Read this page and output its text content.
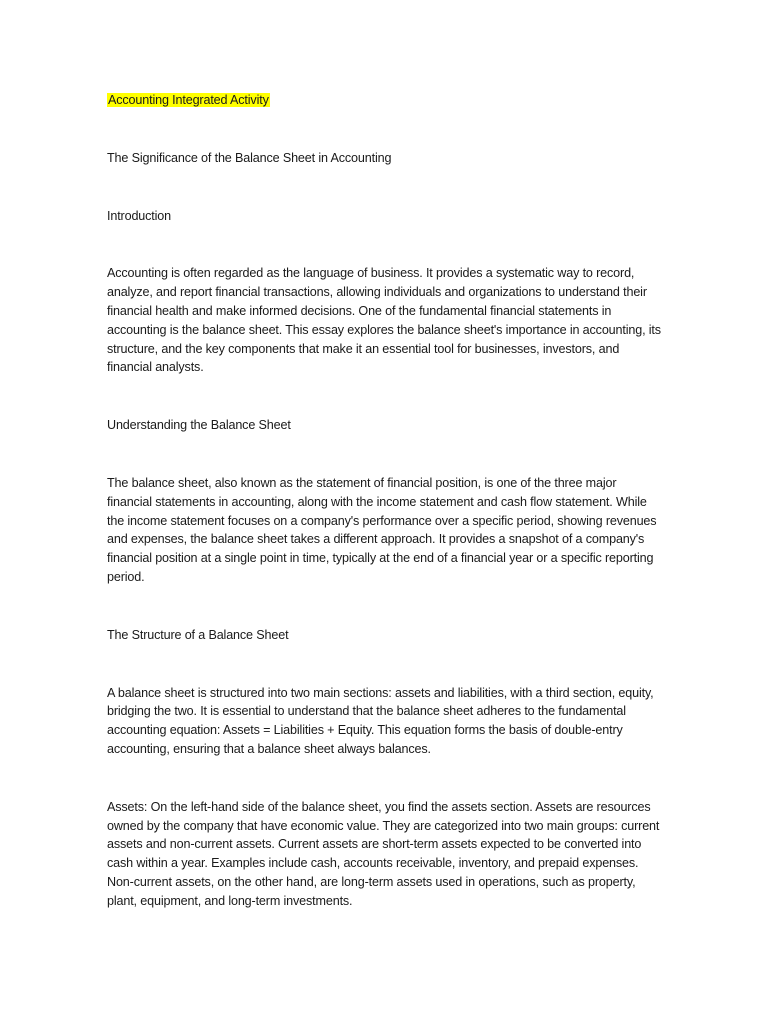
Accounting Integrated Activity
The Significance of the Balance Sheet in Accounting
Introduction

Accounting is often regarded as the language of business. It provides a systematic way to record, analyze, and report financial transactions, allowing individuals and organizations to understand their financial health and make informed decisions. One of the fundamental financial statements in accounting is the balance sheet. This essay explores the balance sheet's importance in accounting, its structure, and the key components that make it an essential tool for businesses, investors, and financial analysts.

Understanding the Balance Sheet

The balance sheet, also known as the statement of financial position, is one of the three major financial statements in accounting, along with the income statement and cash flow statement. While the income statement focuses on a company's performance over a specific period, showing revenues and expenses, the balance sheet takes a different approach. It provides a snapshot of a company's financial position at a single point in time, typically at the end of a financial year or a specific reporting period.

The Structure of a Balance Sheet

A balance sheet is structured into two main sections: assets and liabilities, with a third section, equity, bridging the two. It is essential to understand that the balance sheet adheres to the fundamental accounting equation: Assets = Liabilities + Equity. This equation forms the basis of double-entry accounting, ensuring that a balance sheet always balances.

Assets: On the left-hand side of the balance sheet, you find the assets section. Assets are resources owned by the company that have economic value. They are categorized into two main groups: current assets and non-current assets. Current assets are short-term assets expected to be converted into cash within a year. Examples include cash, accounts receivable, inventory, and prepaid expenses. Non-current assets, on the other hand, are long-term assets used in operations, such as property, plant, equipment, and long-term investments.
